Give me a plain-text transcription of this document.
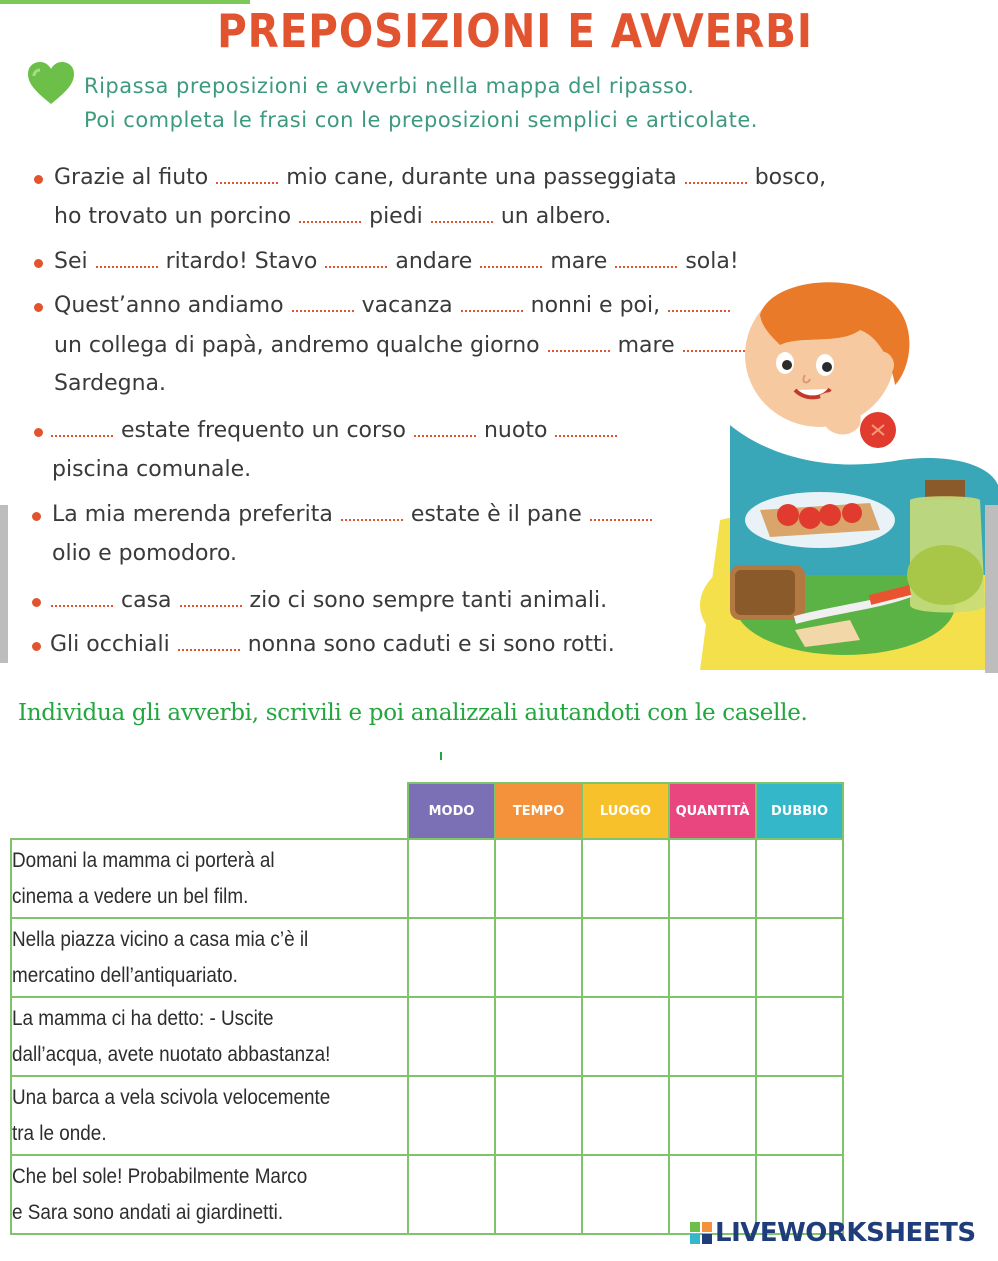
PREPOSIZIONI E AVVERBI
Ripassa preposizioni e avverbi nella mappa del ripasso.
Poi completa le frasi con le preposizioni semplici e articolate.
Grazie al fiuto	mio cane, durante una passeggiata	bosco,
ho trovato un porcino	piedi	un albero.
Sei	ritardo! Stavo	andare	mare	sola!
Quest’anno andiamo	vacanza	nonni e poi,
un collega di papà, andremo qualche giorno	mare
Sardegna.
estate frequento un corso	nuoto
piscina comunale.
La mia merenda preferita	estate è il pane
olio e pomodoro.
casa	zio ci sono sempre tanti animali.
Gli occhiali	nonna sono caduti e si sono rotti.
Individua gli avverbi, scrivili e poi analizzali aiutandoti con le caselle.
	MODO	TEMPO	LUOGO	QUANTITÀ	DUBBIO

Domani la mamma ci porterà al
cinema a vedere un bel film.					

Nella piazza vicino a casa mia c’è il
mercatino dell’antiquariato.					

La mamma ci ha detto: - Uscite
dall’acqua, avete nuotato abbastanza!					

Una barca a vela scivola velocemente
tra le onde.					

Che bel sole! Probabilmente Marco
e Sara sono andati ai giardinetti.					

LIVEWORKSHEETS
